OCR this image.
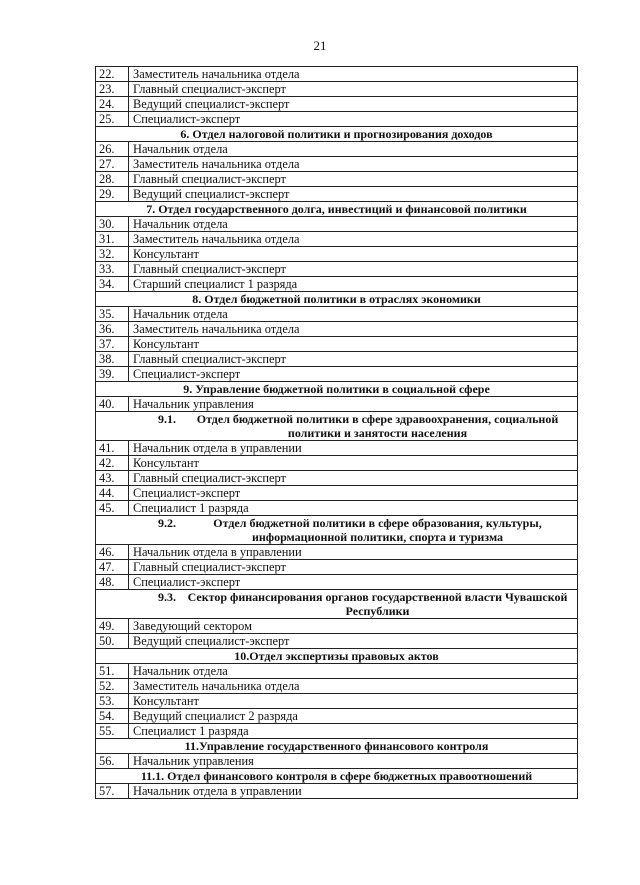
21
22.	Заместитель начальника отдела
23.	Главный специалист-эксперт
24.	Ведущий специалист-эксперт
25.	Специалист-эксперт
6. Отдел налоговой политики и прогнозирования доходов	
26.	Начальник отдела
27.	Заместитель начальника отдела
28.	Главный специалист-эксперт
29.	Ведущий специалист-эксперт
7. Отдел государственного долга, инвестиций и финансовой политики	
30.	Начальник отдела
31.	Заместитель начальника отдела
32.	Консультант
33.	Главный специалист-эксперт
34.	Старший специалист 1 разряда
8. Отдел бюджетной политики в отраслях экономики	
35.	Начальник отдела
36.	Заместитель начальника отдела
37.	Консультант
38.	Главный специалист-эксперт
39.	Специалист-эксперт
9. Управление бюджетной политики в социальной сфере	
40.	Начальник управления

9.1. Отдел бюджетной политики в сфере здравоохранения, социальной политики и занятости населения	

41.	Начальник отдела в управлении
42.	Консультант
43.	Главный специалист-эксперт
44.	Специалист-эксперт
45.	Специалист 1 разряда

9.2. Отдел бюджетной политики в сфере образования, культуры, информационной политики, спорта и туризма	

46.	Начальник отдела в управлении
47.	Главный специалист-эксперт
48.	Специалист-эксперт

9.3. Сектор финансирования органов государственной власти Чувашской Республики	

49.	Заведующий сектором
50.	Ведущий специалист-эксперт
10.Отдел экспертизы правовых актов	
51.	Начальник отдела
52.	Заместитель начальника отдела
53.	Консультант
54.	Ведущий специалист 2 разряда
55.	Специалист 1 разряда
11.Управление государственного финансового контроля	
56.	Начальник управления
11.1. Отдел финансового контроля в сфере бюджетных правоотношений	
57.	Начальник отдела в управлении
